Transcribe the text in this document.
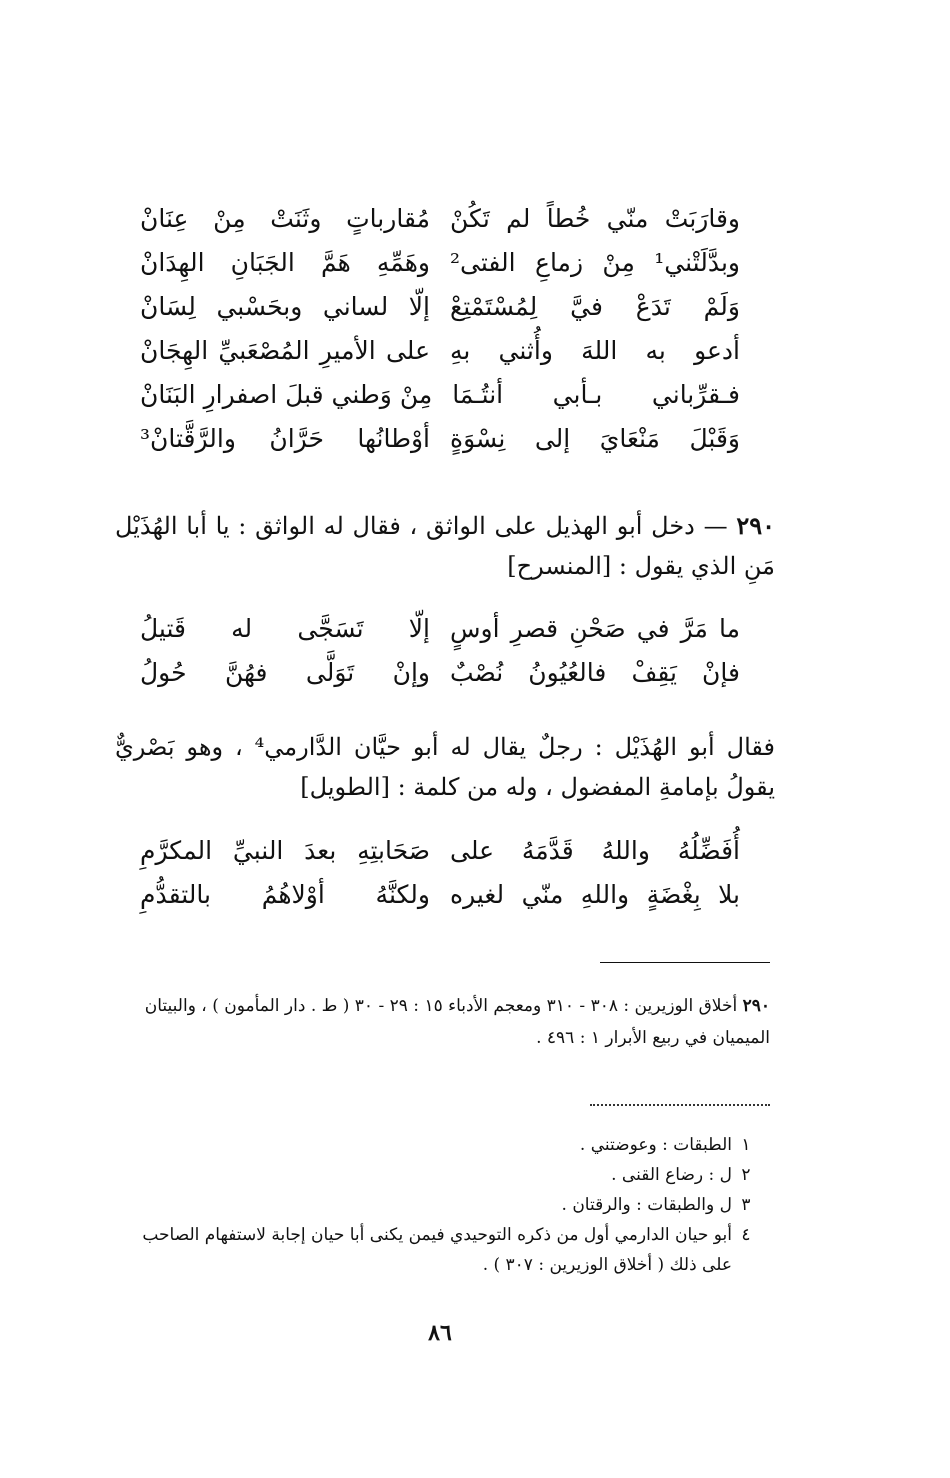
وقارَبَتْ منّي خُطاً لم تَكُنْ
مُقارباتٍ وثَنَتْ مِنْ عِنَانْ
وبدَّلَتْني¹ مِنْ زماعِ الفتى²
وهَمِّهِ هَمَّ الجَبَانِ الهِدَانْ
وَلَمْ تَدَعْ فيَّ لِمُسْتَمْتِعْ
إلّا لساني وبحَسْبي لِسَانْ
أدعو به اللهَ وأُثني بهِ
على الأميرِ المُصْعَبيِّ الهِجَانْ
فـقرِّباني بـأبي أنتُـمَا
مِنْ وَطني قبلَ اصفرارِ البَنَانْ
وَقَبْلَ مَنْعَايَ إلى نِسْوَةٍ
أوْطانُها حَرَّانُ والرَّقَّتانْ³
٢٩٠ — دخل أبو الهذيل على الواثق ، فقال له الواثق : يا أبا الهُذَيْل مَنِ الذي يقول : [المنسرح]
ما مَرَّ في صَحْنِ قصرِ أوسٍ
إلّا تَسَجَّى له قَتيلُ
فإنْ يَقِفْ فالعُيُونُ نُصْبٌ
وإنْ تَوَلَّى فهُنَّ حُولُ
فقال أبو الهُذَيْل : رجلٌ يقال له أبو حيَّان الدَّارمي⁴ ، وهو بَصْريٌّ يقولُ بإمامةِ المفضول ، وله من كلمة : [الطويل]
أُفَضِّلُهُ واللهُ قَدَّمَهُ على
صَحَابتِهِ بعدَ النبيِّ المكرَّمِ
بلا بِغْضَةٍ واللهِ منّي لغيره
ولكنَّهُ أوْلاهُمُ بالتقدُّمِ
٢٩٠ أخلاق الوزيرين : ٣٠٨ - ٣١٠ ومعجم الأدباء ١٥ : ٢٩ - ٣٠ ( ط . دار المأمون ) ، والبيتان الميميان في ربيع الأبرار ١ : ٤٩٦ .
١
الطبقات : وعوضتني .
٢
ل : رضاع القنى .
٣
ل والطبقات : والرقتان .
٤
أبو حيان الدارمي أول من ذكره التوحيدي فيمن يكنى أبا حيان إجابة لاستفهام الصاحب على ذلك ( أخلاق الوزيرين : ٣٠٧ ) .
٨٦
